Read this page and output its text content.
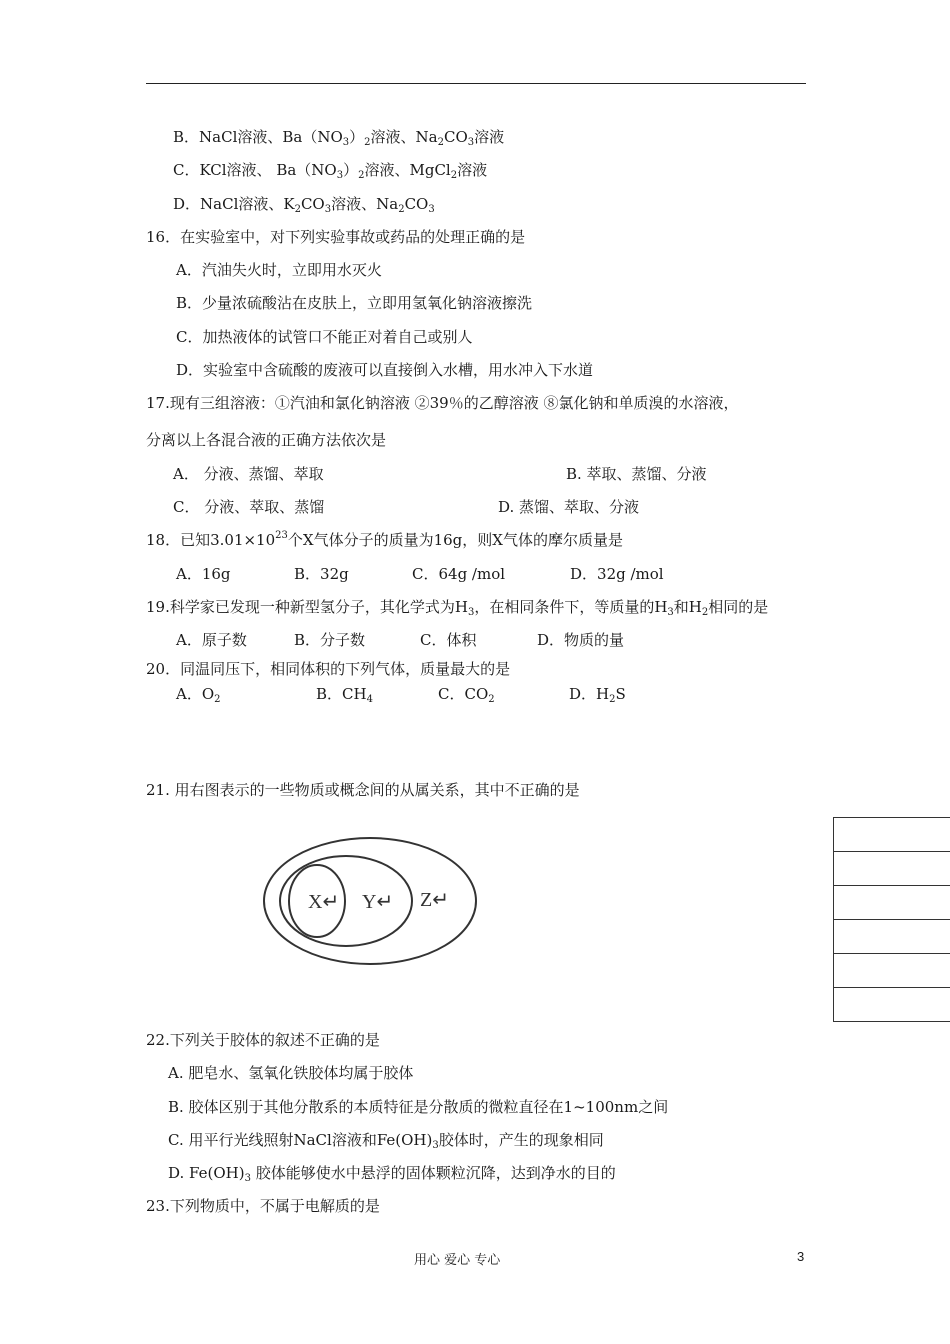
B．NaCl溶液、$Ba(NO_3)_2$溶液、$Na_2CO_3$溶液
C．KCl溶液、 $Ba(NO_3)_2$溶液、MgCl$_2$溶液
D．NaCl溶液、$K_2CO_3$溶液、$Na_2CO_3$
16．在实验室中，对下列实验事故或药品的处理正确的是
A．汽油失火时，立即用水灭火
B．少量浓硫酸沾在皮肤上，立即用氢氧化钠溶液擦洗
C．加热液体的试管口不能正对着自己或别人
D．实验室中含硫酸的废液可以直接倒入水槽，用水冲入下水道
17.现有三组溶液：①汽油和氯化钠溶液 ②39％的乙醇溶液 ⑧氯化钠和单质溴的水溶液，
分离以上各混合液的正确方法依次是
A． 分液、蒸馏、萃取	B. 萃取、蒸馏、分液
C． 分液、萃取、蒸馏	D. 蒸馏、萃取、分液
18．已知$3.01\times 10^{23}$个X气体分子的质量为16g，则X气体的摩尔质量是
A．16g	B．32g	C．64g /mol	D．32g /mol
19.科学家已发现一种新型氢分子，其化学式为$H_3$，在相同条件下，等质量的$H_3$和$H_2$相同的是
A．原子数	B．分子数	C．体积	D．物质的量
20．同温同压下，相同体积的下列气体，质量最大的是
A．$O_2$	B．$CH_4$	C．$CO_2$	D．$H_2S$
21. 用右图表示的一些物质或概念间的从属关系，其中不正确的是
X↵ Y↵ Z↵
22.下列关于胶体的叙述不正确的是
A. 肥皂水、氢氧化铁胶体均属于胶体
B. 胶体区别于其他分散系的本质特征是分散质的微粒直径在1~100nm之间
C. 用平行光线照射NaCl溶液和$Fe(OH)_3$胶体时，产生的现象相同
D. $Fe(OH)_3$ 胶体能够使水中悬浮的固体颗粒沉降，达到净水的目的
23.下列物质中，不属于电解质的是
用心 爱心 专心	3
